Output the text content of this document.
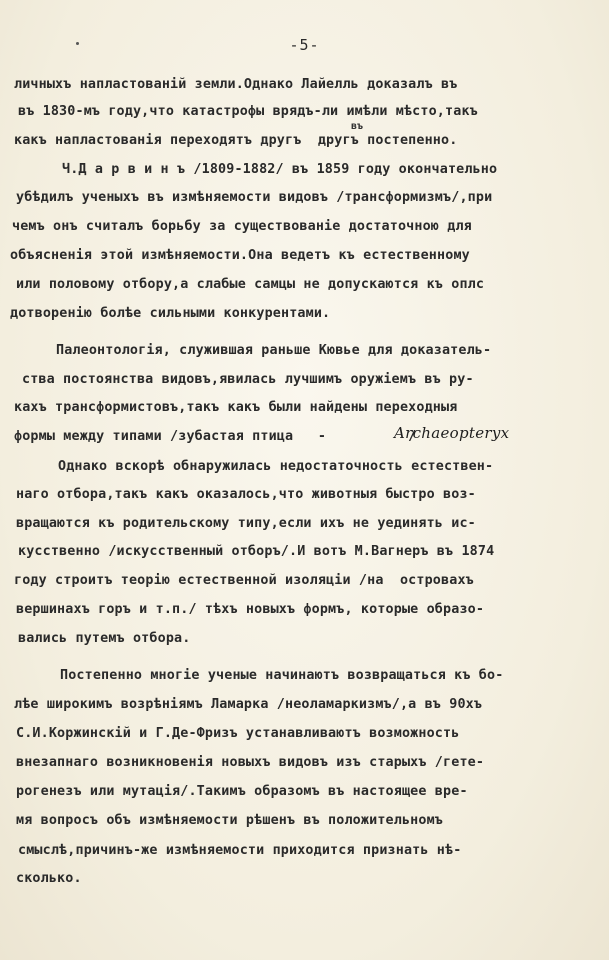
-5-
личныхъ напластованій земли.Однако Лайелль доказалъ въ
въ 1830-мъ году,что катастрофы врядъ-ли имѣли мѣсто,такъ
какъ напластованія переходятъ другъ  другъ постепенно.
Ч.Д а р в и н ъ /1809-1882/ въ 1859 году окончательно
убѣдилъ ученыхъ въ измѣняемости видовъ /трансформизмъ/,при
чемъ онъ считалъ борьбу за существованіе достаточною для
объясненія этой измѣняемости.Она ведетъ къ естественному
или половому отбору,а слабые самцы не допускаются къ оплс
дотворенію болѣе сильными конкурентами.
Палеонтологія, служившая раньше Кювье для доказатель-
ства постоянства видовъ,явилась лучшимъ оружіемъ въ ру-
кахъ трансформистовъ,такъ какъ были найдены переходныя
формы между типами /зубастая птица   -          /
Однако вскорѣ обнаружилась недостаточность естествен-
наго отбора,такъ какъ оказалось,что животныя быстро воз-
вращаются къ родительскому типу,если ихъ не уединять ис-
кусственно /искусственный отборъ/.И вотъ М.Вагнеръ въ 1874
году строитъ теорію естественной изоляціи /на  островахъ
вершинахъ горъ и т.п./ тѣхъ новыхъ формъ, которые образо-
вались путемъ отбора.
Постепенно многіе ученые начинаютъ возвращаться къ бо-
лѣе широкимъ возрѣніямъ Ламарка /неоламаркизмъ/,а въ 90хъ
С.И.Коржинскій и Г.Де-Фризъ устанавливаютъ возможность
внезапнаго возникновенія новыхъ видовъ изъ старыхъ /гете-
рогенезъ или мутація/.Такимъ образомъ въ настоящее вре-
мя вопросъ объ измѣняемости рѣшенъ въ положительномъ
смыслѣ,причинъ-же измѣняемости приходится признать нѣ-
сколько.
въ
Archaeopteryx
